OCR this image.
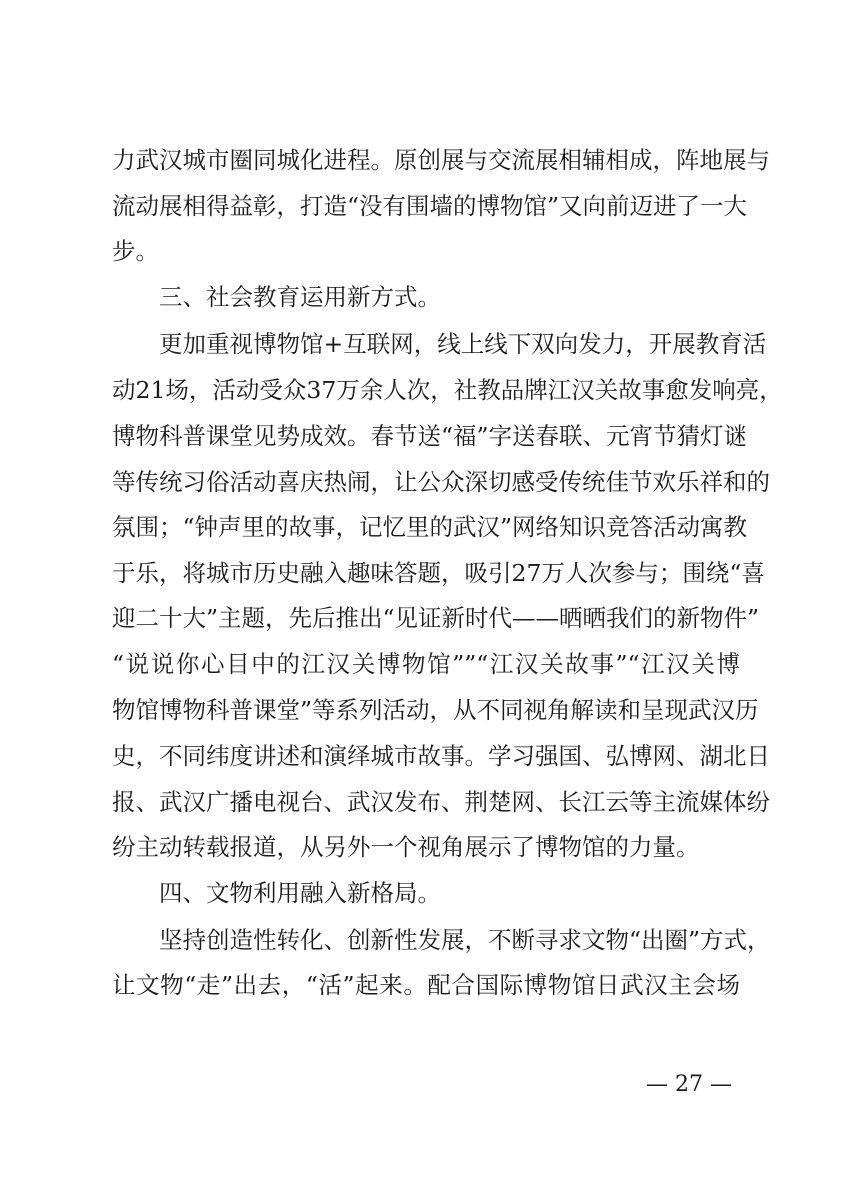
力武汉城市圈同城化进程。原创展与交流展相辅相成，阵地展与
流动展相得益彰，打造“没有围墙的博物馆”又向前迈进了一大
步。
三、社会教育运用新方式。
更加重视博物馆+互联网，线上线下双向发力，开展教育活
动21场，活动受众37万余人次，社教品牌江汉关故事愈发响亮，
博物科普课堂见势成效。春节送“福”字送春联、元宵节猜灯谜
等传统习俗活动喜庆热闹，让公众深切感受传统佳节欢乐祥和的
氛围；“钟声里的故事，记忆里的武汉”网络知识竞答活动寓教
于乐，将城市历史融入趣味答题，吸引27万人次参与；围绕“喜
迎二十大”主题，先后推出“见证新时代——晒晒我们的新物件”
“说说你心目中的江汉关博物馆””“江汉关故事”“江汉关博
物馆博物科普课堂”等系列活动，从不同视角解读和呈现武汉历
史，不同纬度讲述和演绎城市故事。学习强国、弘博网、湖北日
报、武汉广播电视台、武汉发布、荆楚网、长江云等主流媒体纷
纷主动转载报道，从另外一个视角展示了博物馆的力量。
四、文物利用融入新格局。
坚持创造性转化、创新性发展，不断寻求文物“出圈”方式，
让文物“走”出去，“活”起来。配合国际博物馆日武汉主会场
— 27 —
